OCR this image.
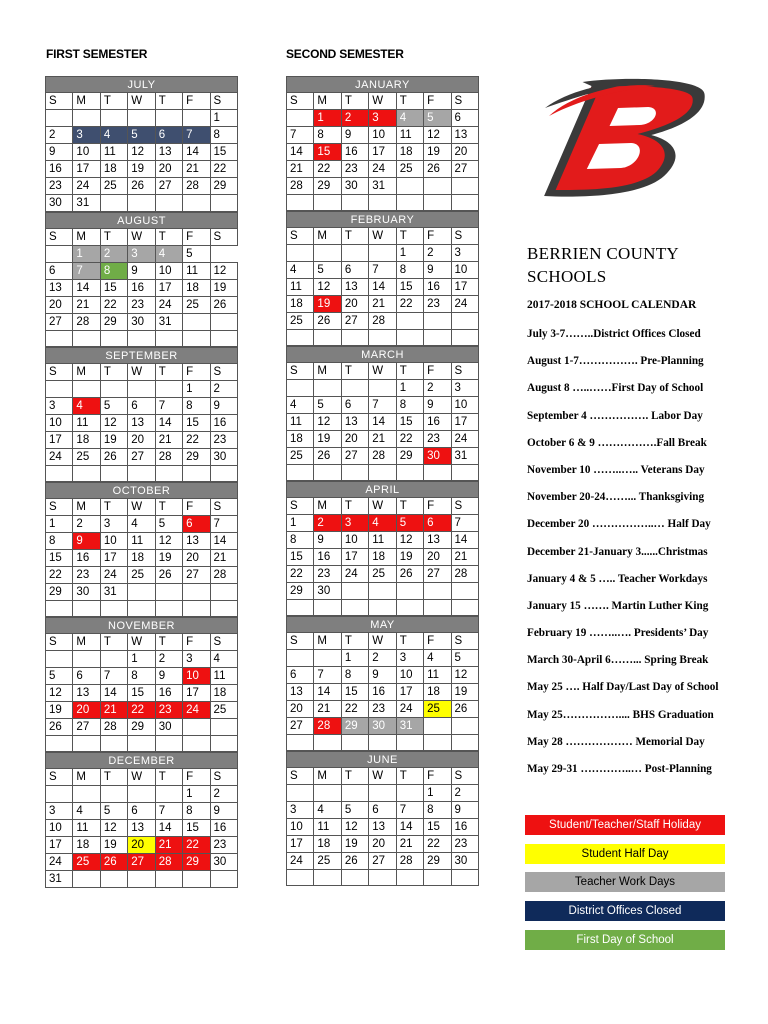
FIRST SEMESTER	SECOND SEMESTER
JULY						
S	M	T	W	T	F	S
						1
2	3	4	5	6	7	8
9	10	11	12	13	14	15
16	17	18	19	20	21	22
23	24	25	26	27	28	29
30	31					
AUGUST						
S	M	T	W	T	F	S
	1	2	3	4	5	
6	7	8	9	10	11	12
13	14	15	16	17	18	19
20	21	22	23	24	25	26
27	28	29	30	31		

SEPTEMBER						
S	M	T	W	T	F	S
					1	2
3	4	5	6	7	8	9
10	11	12	13	14	15	16
17	18	19	20	21	22	23
24	25	26	27	28	29	30

OCTOBER						
S	M	T	W	T	F	S
1	2	3	4	5	6	7
8	9	10	11	12	13	14
15	16	17	18	19	20	21
22	23	24	25	26	27	28
29	30	31				

NOVEMBER						
S	M	T	W	T	F	S
			1	2	3	4
5	6	7	8	9	10	11
12	13	14	15	16	17	18
19	20	21	22	23	24	25
26	27	28	29	30		

DECEMBER						
S	M	T	W	T	F	S
					1	2
3	4	5	6	7	8	9
10	11	12	13	14	15	16
17	18	19	20	21	22	23
24	25	26	27	28	29	30
31						
JANUARY						
S	M	T	W	T	F	S
	1	2	3	4	5	6
7	8	9	10	11	12	13
14	15	16	17	18	19	20
21	22	23	24	25	26	27
28	29	30	31			

FEBRUARY						
S	M	T	W	T	F	S
				1	2	3
4	5	6	7	8	9	10
11	12	13	14	15	16	17
18	19	20	21	22	23	24
25	26	27	28			

MARCH						
S	M	T	W	T	F	S
				1	2	3
4	5	6	7	8	9	10
11	12	13	14	15	16	17
18	19	20	21	22	23	24
25	26	27	28	29	30	31

APRIL						
S	M	T	W	T	F	S
1	2	3	4	5	6	7
8	9	10	11	12	13	14
15	16	17	18	19	20	21
22	23	24	25	26	27	28
29	30					

MAY						
S	M	T	W	T	F	S
		1	2	3	4	5
6	7	8	9	10	11	12
13	14	15	16	17	18	19
20	21	22	23	24	25	26
27	28	29	30	31		

JUNE						
S	M	T	W	T	F	S
					1	2
3	4	5	6	7	8	9
10	11	12	13	14	15	16
17	18	19	20	21	22	23
24	25	26	27	28	29	30

BERRIEN COUNTY
SCHOOLS
2017-2018 SCHOOL CALENDAR
July 3-7……..District Offices Closed
August 1-7……………. Pre-Planning
August 8 …..……First Day of School
September 4 ……………. Labor Day
October 6 & 9 …………….Fall Break
November 10 ……..….. Veterans Day
November 20-24……... Thanksgiving
December 20 ……………..… Half Day
December 21-January 3......Christmas
January 4 & 5 ….. Teacher Workdays
January 15 ……. Martin Luther King
February 19 ……..…. Presidents’ Day
March 30-April 6……... Spring Break
May 25 …. Half Day/Last Day of School
May 25…………….... BHS Graduation
May 28 ……………… Memorial Day
May 29-31 …………..… Post-Planning
Student/Teacher/Staff Holiday
Student Half Day
Teacher Work Days
District Offices Closed
First Day of School
